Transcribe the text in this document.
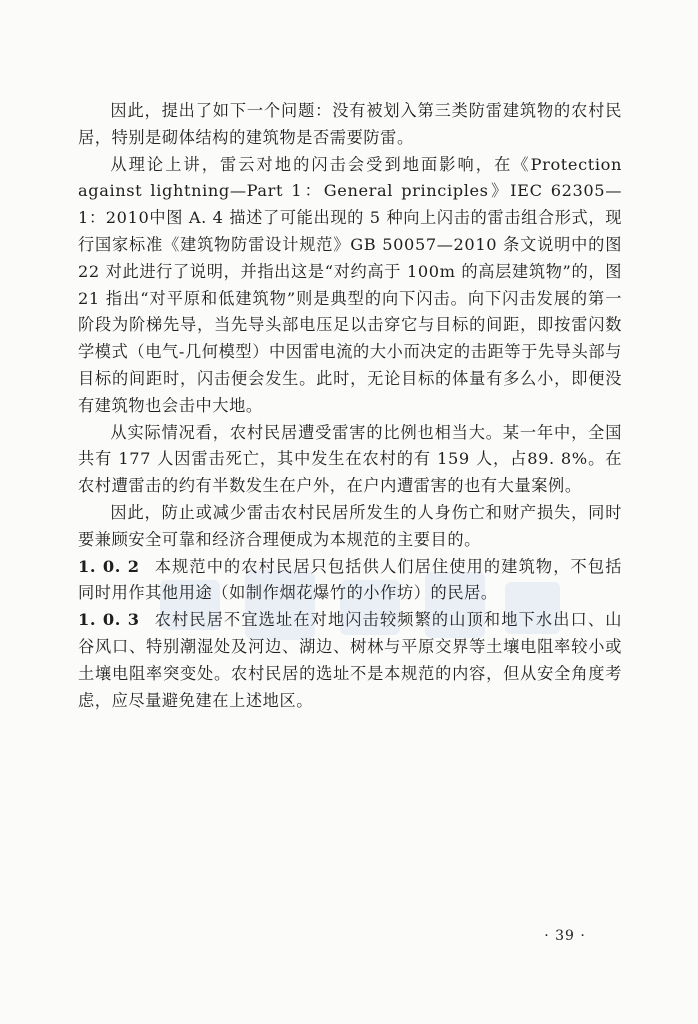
因此，提出了如下一个问题：没有被划入第三类防雷建筑物的农村民居，特别是砌体结构的建筑物是否需要防雷。

从理论上讲，雷云对地的闪击会受到地面影响，在《Protection against lightning—Part 1：General principles》IEC 62305—1：2010中图 A. 4 描述了可能出现的 5 种向上闪击的雷击组合形式，现行国家标准《建筑物防雷设计规范》GB 50057—2010 条文说明中的图 22 对此进行了说明，并指出这是“对约高于 100m 的高层建筑物”的，图 21 指出“对平原和低建筑物”则是典型的向下闪击。向下闪击发展的第一阶段为阶梯先导，当先导头部电压足以击穿它与目标的间距，即按雷闪数学模式（电气-几何模型）中因雷电流的大小而决定的击距等于先导头部与目标的间距时，闪击便会发生。此时，无论目标的体量有多么小，即便没有建筑物也会击中大地。

从实际情况看，农村民居遭受雷害的比例也相当大。某一年中，全国共有 177 人因雷击死亡，其中发生在农村的有 159 人，占89. 8%。在农村遭雷击的约有半数发生在户外，在户内遭雷害的也有大量案例。

因此，防止或减少雷击农村民居所发生的人身伤亡和财产损失，同时要兼顾安全可靠和经济合理便成为本规范的主要目的。

1. 0. 2 本规范中的农村民居只包括供人们居住使用的建筑物，不包括同时用作其他用途（如制作烟花爆竹的小作坊）的民居。

1. 0. 3 农村民居不宜选址在对地闪击较频繁的山顶和地下水出口、山谷风口、特别潮湿处及河边、湖边、树林与平原交界等土壤电阻率较小或土壤电阻率突变处。农村民居的选址不是本规范的内容，但从安全角度考虑，应尽量避免建在上述地区。

· 39 ·
